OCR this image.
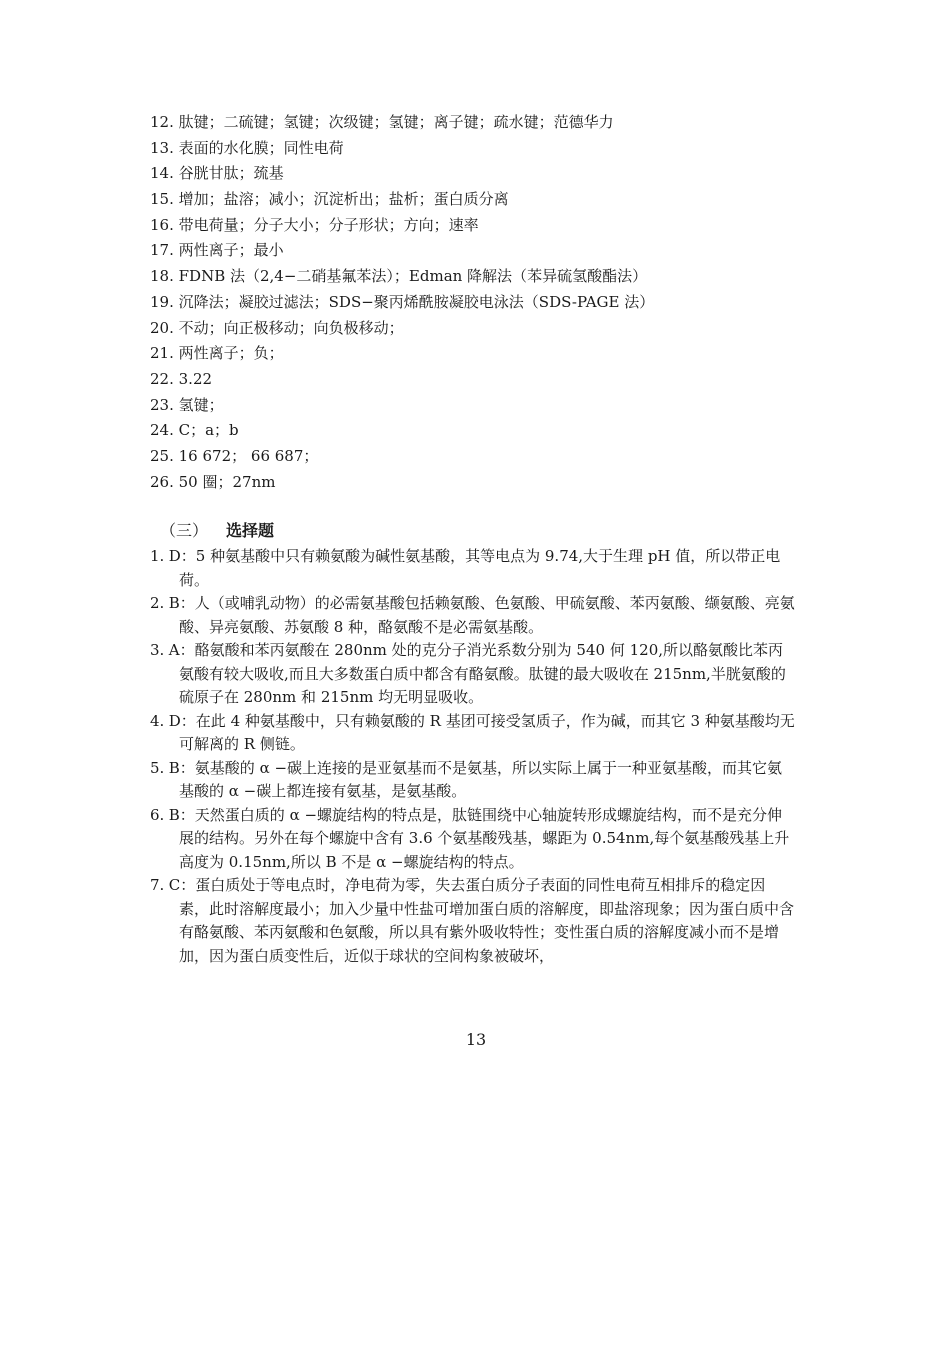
12. 肽键；二硫键；氢键；次级键；氢键；离子键；疏水键；范德华力
13. 表面的水化膜；同性电荷
14. 谷胱甘肽；巯基
15. 增加；盐溶；减小；沉淀析出；盐析；蛋白质分离
16. 带电荷量；分子大小；分子形状；方向；速率
17. 两性离子；最小
18. FDNB 法（2,4−二硝基氟苯法）；Edman 降解法（苯异硫氢酸酯法）
19. 沉降法；凝胶过滤法；SDS−聚丙烯酰胺凝胶电泳法（SDS-PAGE 法）
20. 不动；向正极移动；向负极移动；
21. 两性离子；负；
22. 3.22
23. 氢键；
24. C；a；b
25. 16 672； 66 687；
26. 50 圈；27nm
（三） 选择题
1. D：5 种氨基酸中只有赖氨酸为碱性氨基酸，其等电点为 9.74,大于生理 pH 值，所以带正电荷。
2. B：人（或哺乳动物）的必需氨基酸包括赖氨酸、色氨酸、甲硫氨酸、苯丙氨酸、缬氨酸、亮氨酸、异亮氨酸、苏氨酸 8 种，酪氨酸不是必需氨基酸。
3. A：酪氨酸和苯丙氨酸在 280nm 处的克分子消光系数分别为 540 何 120,所以酪氨酸比苯丙氨酸有较大吸收,而且大多数蛋白质中都含有酪氨酸。肽键的最大吸收在 215nm,半胱氨酸的硫原子在 280nm 和 215nm 均无明显吸收。
4. D：在此 4 种氨基酸中，只有赖氨酸的 R 基团可接受氢质子，作为碱，而其它 3 种氨基酸均无可解离的 R 侧链。
5. B：氨基酸的 α −碳上连接的是亚氨基而不是氨基，所以实际上属于一种亚氨基酸，而其它氨基酸的 α −碳上都连接有氨基，是氨基酸。
6. B：天然蛋白质的 α −螺旋结构的特点是，肽链围绕中心轴旋转形成螺旋结构，而不是充分伸展的结构。另外在每个螺旋中含有 3.6 个氨基酸残基，螺距为 0.54nm,每个氨基酸残基上升高度为 0.15nm,所以 B 不是 α −螺旋结构的特点。
7. C：蛋白质处于等电点时，净电荷为零，失去蛋白质分子表面的同性电荷互相排斥的稳定因素，此时溶解度最小；加入少量中性盐可增加蛋白质的溶解度，即盐溶现象；因为蛋白质中含有酪氨酸、苯丙氨酸和色氨酸，所以具有紫外吸收特性；变性蛋白质的溶解度减小而不是增加，因为蛋白质变性后，近似于球状的空间构象被破坏，
13
